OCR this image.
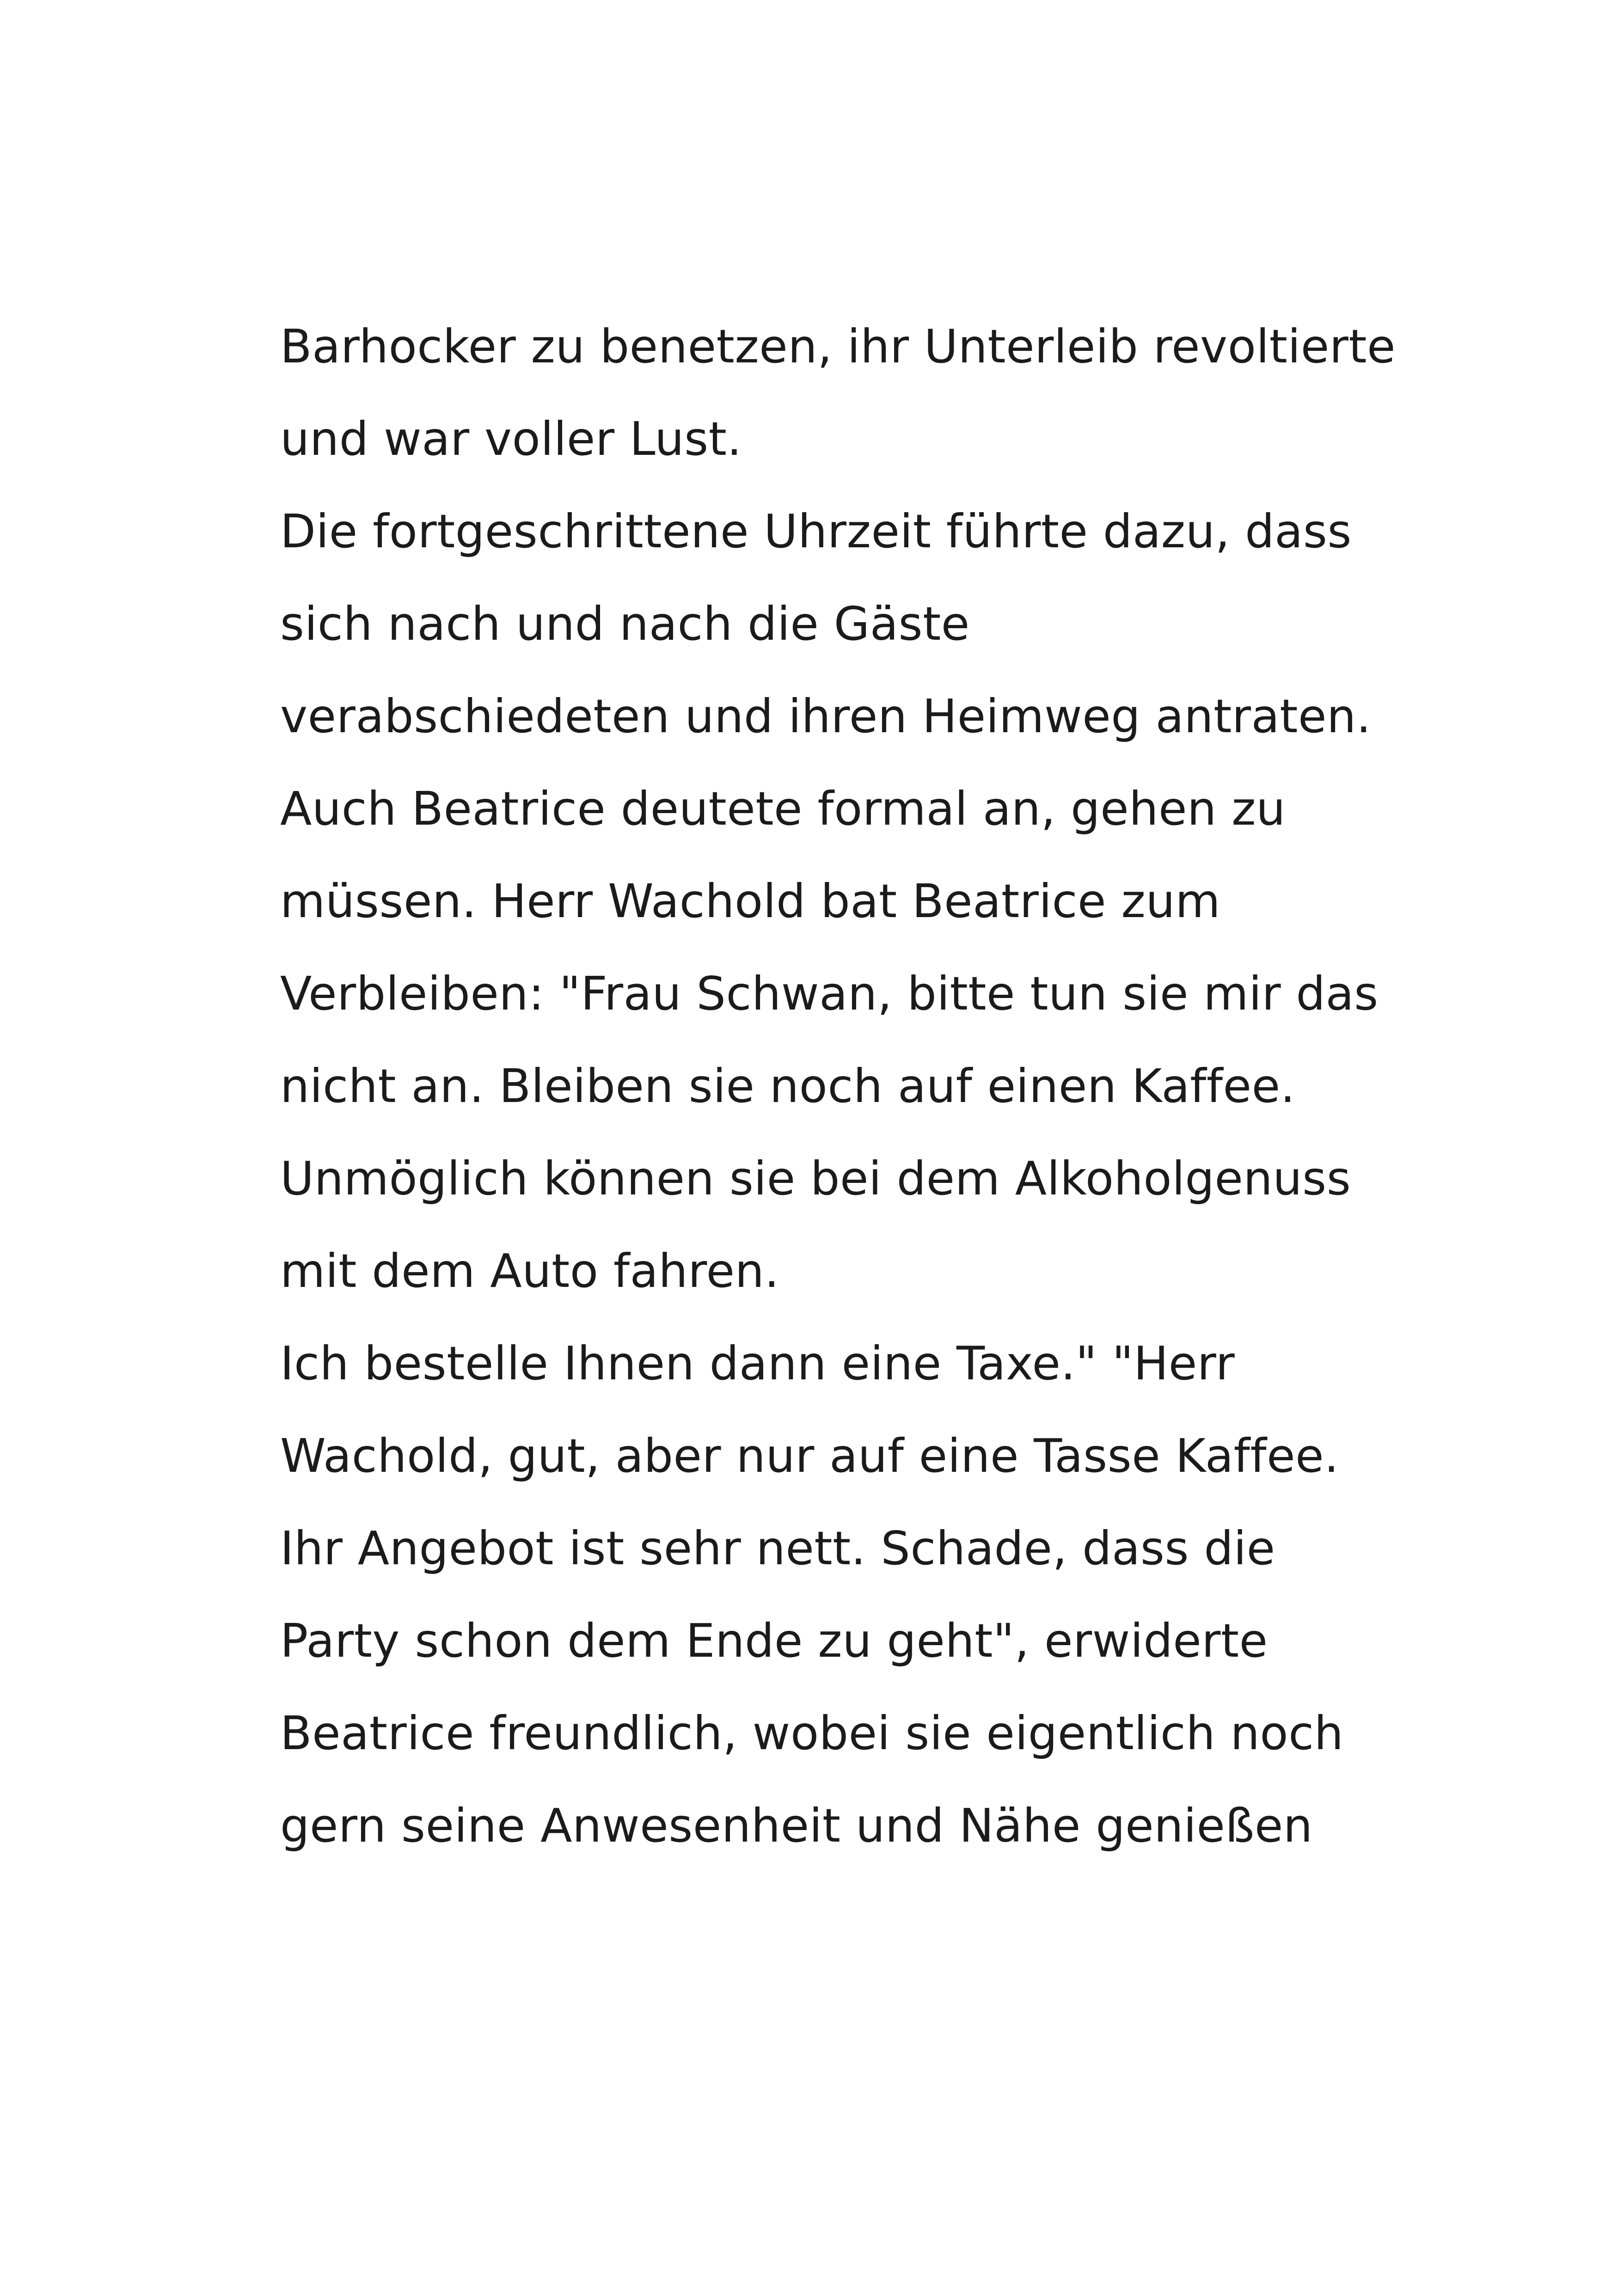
Barhocker zu benetzen, ihr Unterleib revoltierte
und war voller Lust.
Die fortgeschrittene Uhrzeit führte dazu, dass
sich nach und nach die Gäste
verabschiedeten und ihren Heimweg antraten.
Auch Beatrice deutete formal an, gehen zu
müssen. Herr Wachold bat Beatrice zum
Verbleiben: "Frau Schwan, bitte tun sie mir das
nicht an. Bleiben sie noch auf einen Kaffee.
Unmöglich können sie bei dem Alkoholgenuss
mit dem Auto fahren.
Ich bestelle Ihnen dann eine Taxe." "Herr
Wachold, gut, aber nur auf eine Tasse Kaffee.
Ihr Angebot ist sehr nett. Schade, dass die
Party schon dem Ende zu geht", erwiderte
Beatrice freundlich, wobei sie eigentlich noch
gern seine Anwesenheit und Nähe genießen
